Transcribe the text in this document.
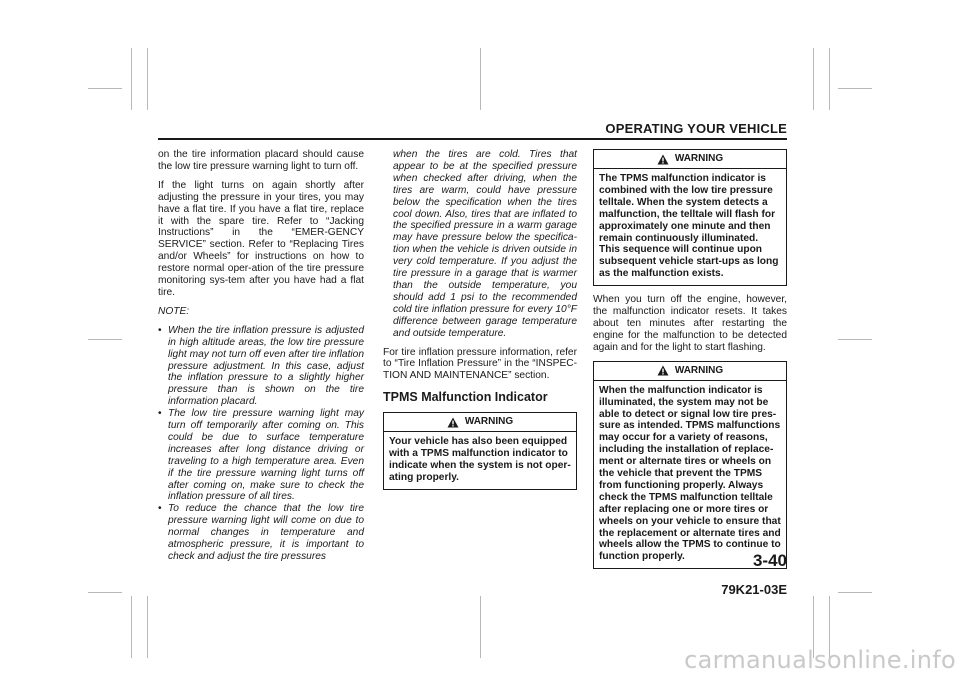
OPERATING YOUR VEHICLE

on the tire information placard should cause the low tire pressure warning light to turn off.

If the light turns on again shortly after adjusting the pressure in your tires, you may have a flat tire. If you have a flat tire, replace it with the spare tire. Refer to “Jacking Instructions” in the “EMER-GENCY SERVICE” section. Refer to “Replacing Tires and/or Wheels” for instructions on how to restore normal oper-ation of the tire pressure monitoring sys-tem after you have had a flat tire.

NOTE:

• When the tire inflation pressure is adjusted in high altitude areas, the low tire pressure light may not turn off even after tire inflation pressure adjustment. In this case, adjust the inflation pressure to a slightly higher pressure than is shown on the tire information placard.
• The low tire pressure warning light may turn off temporarily after coming on. This could be due to surface temperature increases after long distance driving or traveling to a high temperature area. Even if the tire pressure warning light turns off after coming on, make sure to check the inflation pressure of all tires.
• To reduce the chance that the low tire pressure warning light will come on due to normal changes in temperature and atmospheric pressure, it is important to check and adjust the tire pressures

when the tires are cold. Tires that appear to be at the specified pressure when checked after driving, when the tires are warm, could have pressure below the specification when the tires cool down. Also, tires that are inflated to the specified pressure in a warm garage may have pressure below the specifica-tion when the vehicle is driven outside in very cold temperature. If you adjust the tire pressure in a garage that is warmer than the outside temperature, you should add 1 psi to the recommended cold tire inflation pressure for every 10°F difference between garage temperature and outside temperature.

For tire inflation pressure information, refer to “Tire Inflation Pressure” in the “INSPEC-TION AND MAINTENANCE” section.

TPMS Malfunction Indicator
WARNING
Your vehicle has also been equipped with a TPMS malfunction indicator to indicate when the system is not oper-ating properly.
WARNING
The TPMS malfunction indicator is combined with the low tire pressure telltale. When the system detects a malfunction, the telltale will flash for approximately one minute and then remain continuously illuminated. This sequence will continue upon subsequent vehicle start-ups as long as the malfunction exists.

When you turn off the engine, however, the malfunction indicator resets. It takes about ten minutes after restarting the engine for the malfunction to be detected again and for the light to start flashing.

WARNING
When the malfunction indicator is illuminated, the system may not be able to detect or signal low tire pres-sure as intended. TPMS malfunctions may occur for a variety of reasons, including the installation of replace-ment or alternate tires or wheels on the vehicle that prevent the TPMS from functioning properly. Always check the TPMS malfunction telltale after replacing one or more tires or wheels on your vehicle to ensure that the replacement or alternate tires and wheels allow the TPMS to continue to function properly.	3-40
79K21-03E
carmanualsonline.info
